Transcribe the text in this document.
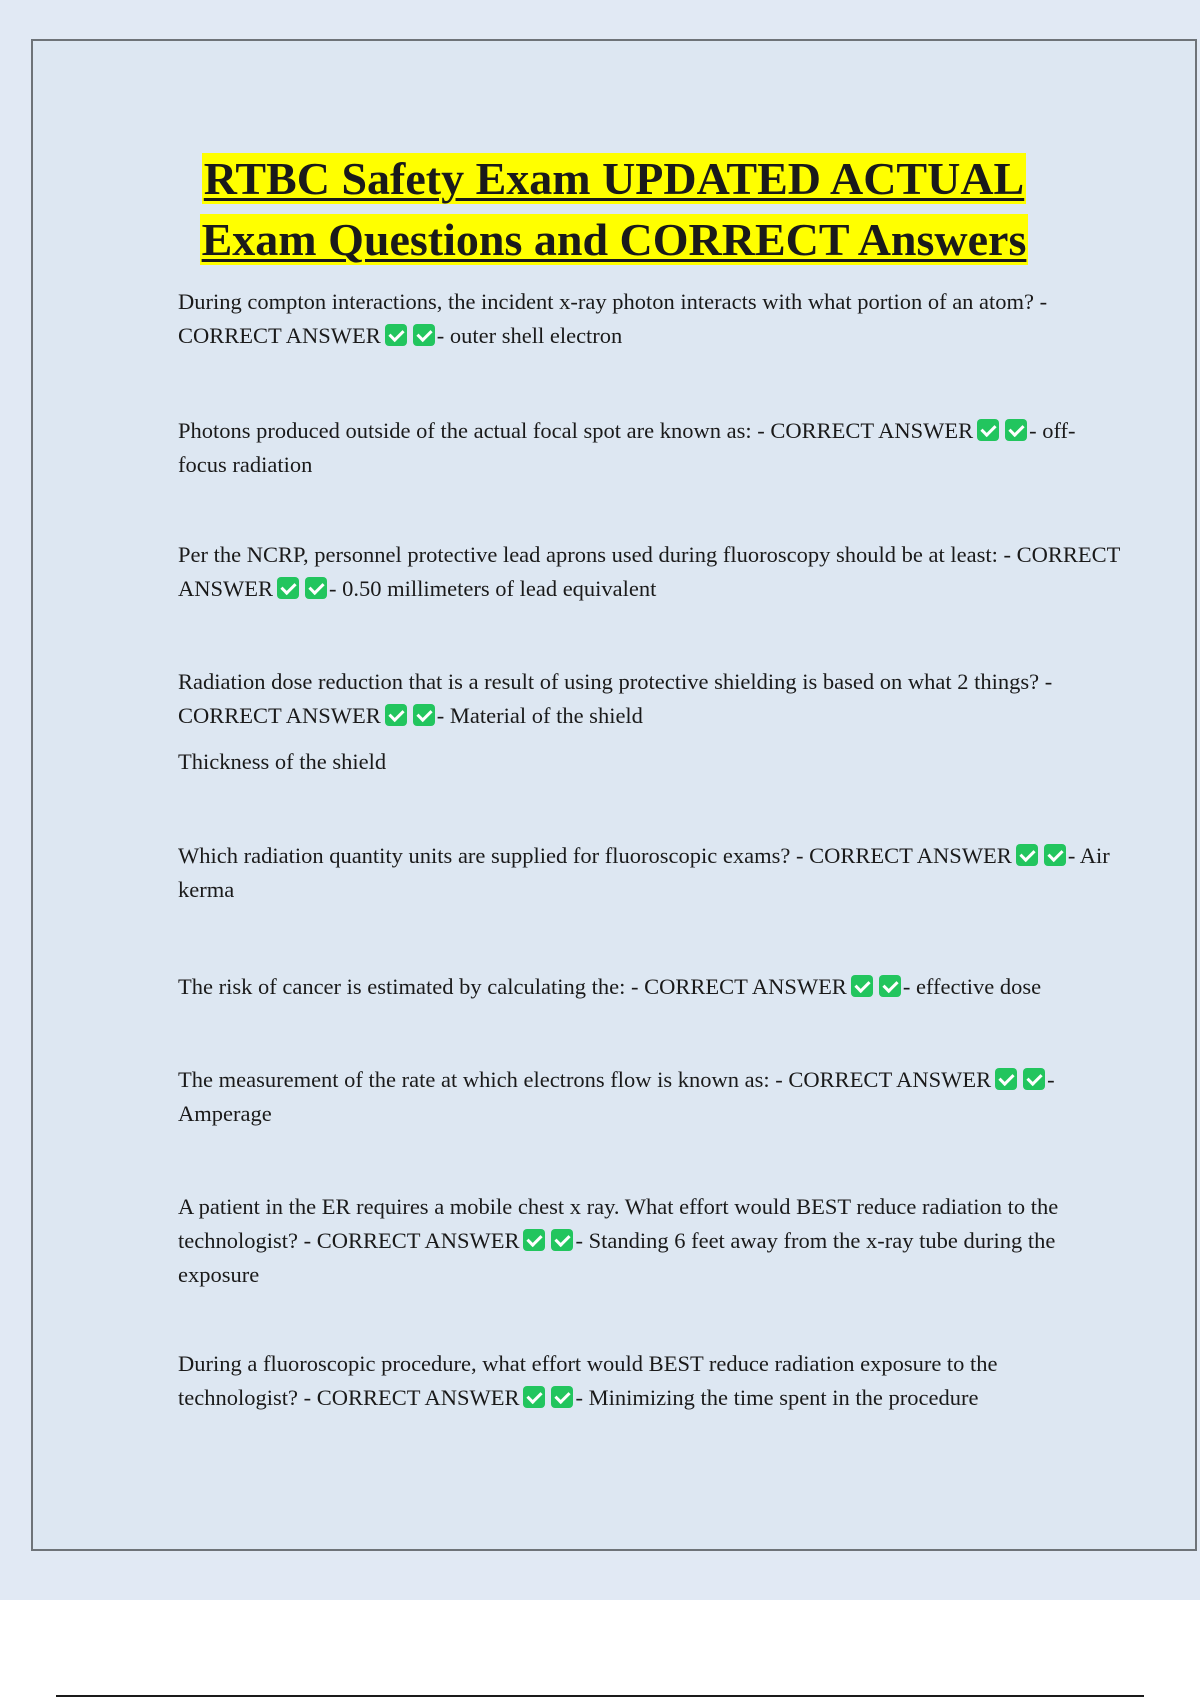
RTBC Safety Exam UPDATED ACTUAL
Exam Questions and CORRECT Answers

During compton interactions, the incident x-ray photon interacts with what portion of an atom? - CORRECT ANSWER - outer shell electron

Photons produced outside of the actual focal spot are known as: - CORRECT ANSWER - off-focus radiation

Per the NCRP, personnel protective lead aprons used during fluoroscopy should be at least: - CORRECT ANSWER - 0.50 millimeters of lead equivalent

Radiation dose reduction that is a result of using protective shielding is based on what 2 things? - CORRECT ANSWER - Material of the shield

Thickness of the shield

Which radiation quantity units are supplied for fluoroscopic exams? - CORRECT ANSWER - Air kerma

The risk of cancer is estimated by calculating the: - CORRECT ANSWER - effective dose

The measurement of the rate at which electrons flow is known as: - CORRECT ANSWER - Amperage

A patient in the ER requires a mobile chest x ray. What effort would BEST reduce radiation to the technologist? - CORRECT ANSWER - Standing 6 feet away from the x-ray tube during the exposure

During a fluoroscopic procedure, what effort would BEST reduce radiation exposure to the technologist? - CORRECT ANSWER - Minimizing the time spent in the procedure
